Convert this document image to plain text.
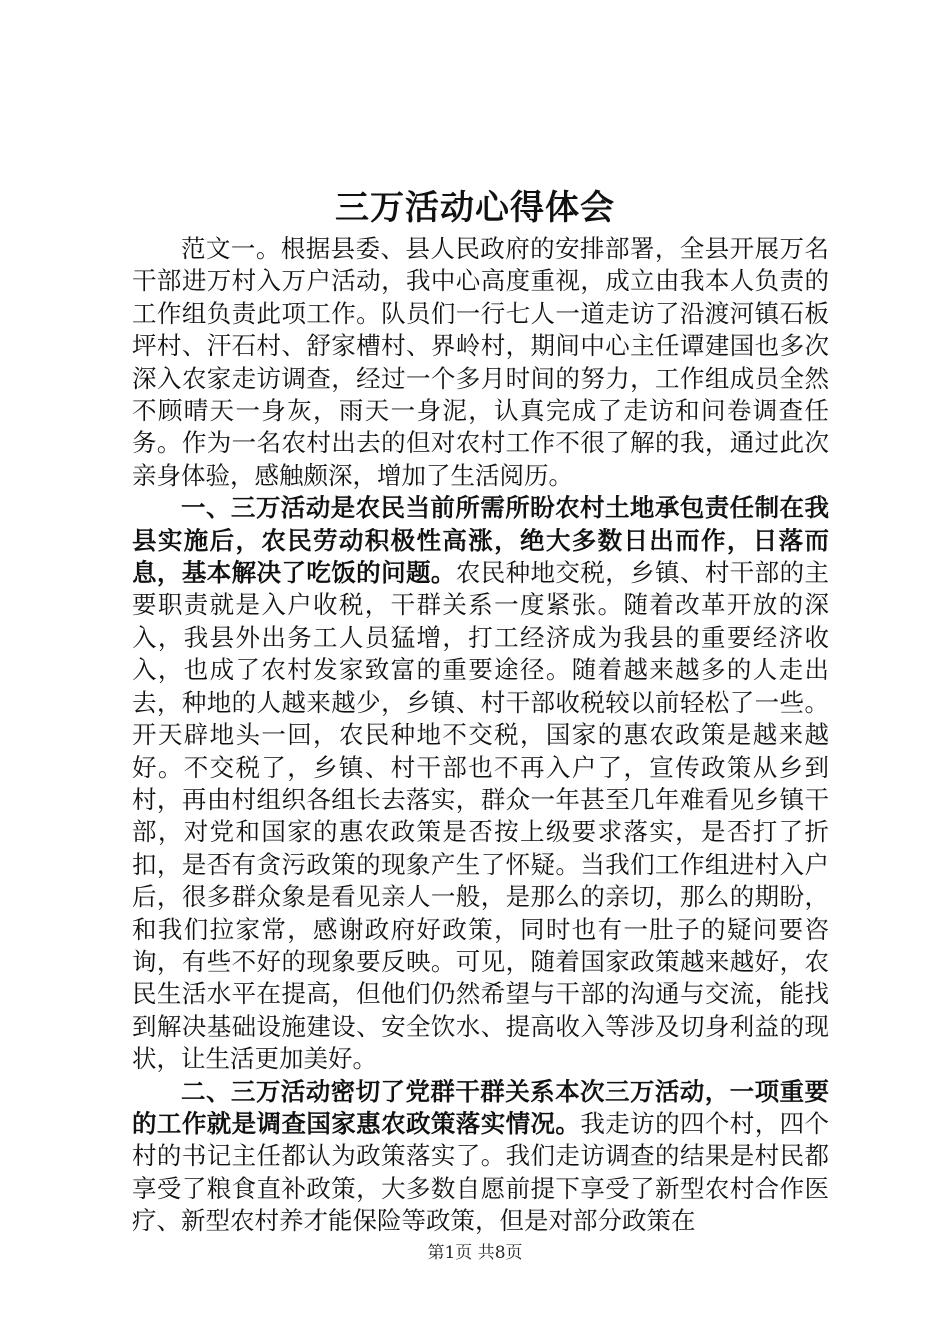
三万活动心得体会

范文一。根据县委、县人民政府的安排部署，全县开展万名干部进万村入万户活动，我中心高度重视，成立由我本人负责的工作组负责此项工作。队员们一行七人一道走访了沿渡河镇石板坪村、汗石村、舒家槽村、界岭村，期间中心主任谭建国也多次深入农家走访调查，经过一个多月时间的努力，工作组成员全然不顾晴天一身灰，雨天一身泥，认真完成了走访和问卷调查任务。作为一名农村出去的但对农村工作不很了解的我，通过此次亲身体验，感触颇深，增加了生活阅历。

一、三万活动是农民当前所需所盼农村土地承包责任制在我县实施后，农民劳动积极性高涨，绝大多数日出而作，日落而息，基本解决了吃饭的问题。农民种地交税，乡镇、村干部的主要职责就是入户收税，干群关系一度紧张。随着改革开放的深入，我县外出务工人员猛增，打工经济成为我县的重要经济收入，也成了农村发家致富的重要途径。随着越来越多的人走出去，种地的人越来越少，乡镇、村干部收税较以前轻松了一些。开天辟地头一回，农民种地不交税，国家的惠农政策是越来越好。不交税了，乡镇、村干部也不再入户了，宣传政策从乡到村，再由村组织各组长去落实，群众一年甚至几年难看见乡镇干部，对党和国家的惠农政策是否按上级要求落实，是否打了折扣，是否有贪污政策的现象产生了怀疑。当我们工作组进村入户后，很多群众象是看见亲人一般，是那么的亲切，那么的期盼，和我们拉家常，感谢政府好政策，同时也有一肚子的疑问要咨询，有些不好的现象要反映。可见，随着国家政策越来越好，农民生活水平在提高，但他们仍然希望与干部的沟通与交流，能找到解决基础设施建设、安全饮水、提高收入等涉及切身利益的现状，让生活更加美好。

二、三万活动密切了党群干群关系本次三万活动，一项重要的工作就是调查国家惠农政策落实情况。我走访的四个村，四个村的书记主任都认为政策落实了。我们走访调查的结果是村民都享受了粮食直补政策，大多数自愿前提下享受了新型农村合作医疗、新型农村养才能保险等政策，但是对部分政策在

第1页 共8页
